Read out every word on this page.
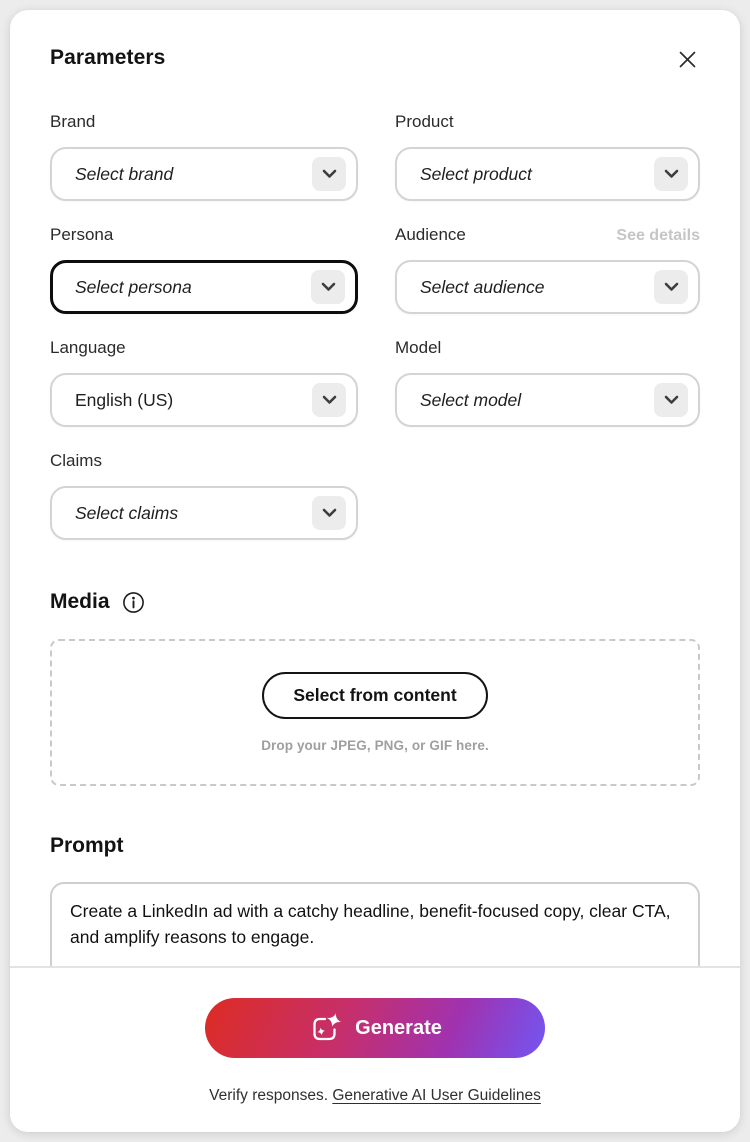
Parameters
Brand
Select brand
Product
Select product
Persona
Select persona
Audience	See details
Select audience
Language
English (US)
Model
Select model
Claims
Select claims
Media
Select from content
Drop your JPEG, PNG, or GIF here.
Prompt
Create a LinkedIn ad with a catchy headline, benefit-focused copy, clear CTA, and amplify reasons to engage.
Generate
Verify responses. Generative AI User Guidelines
